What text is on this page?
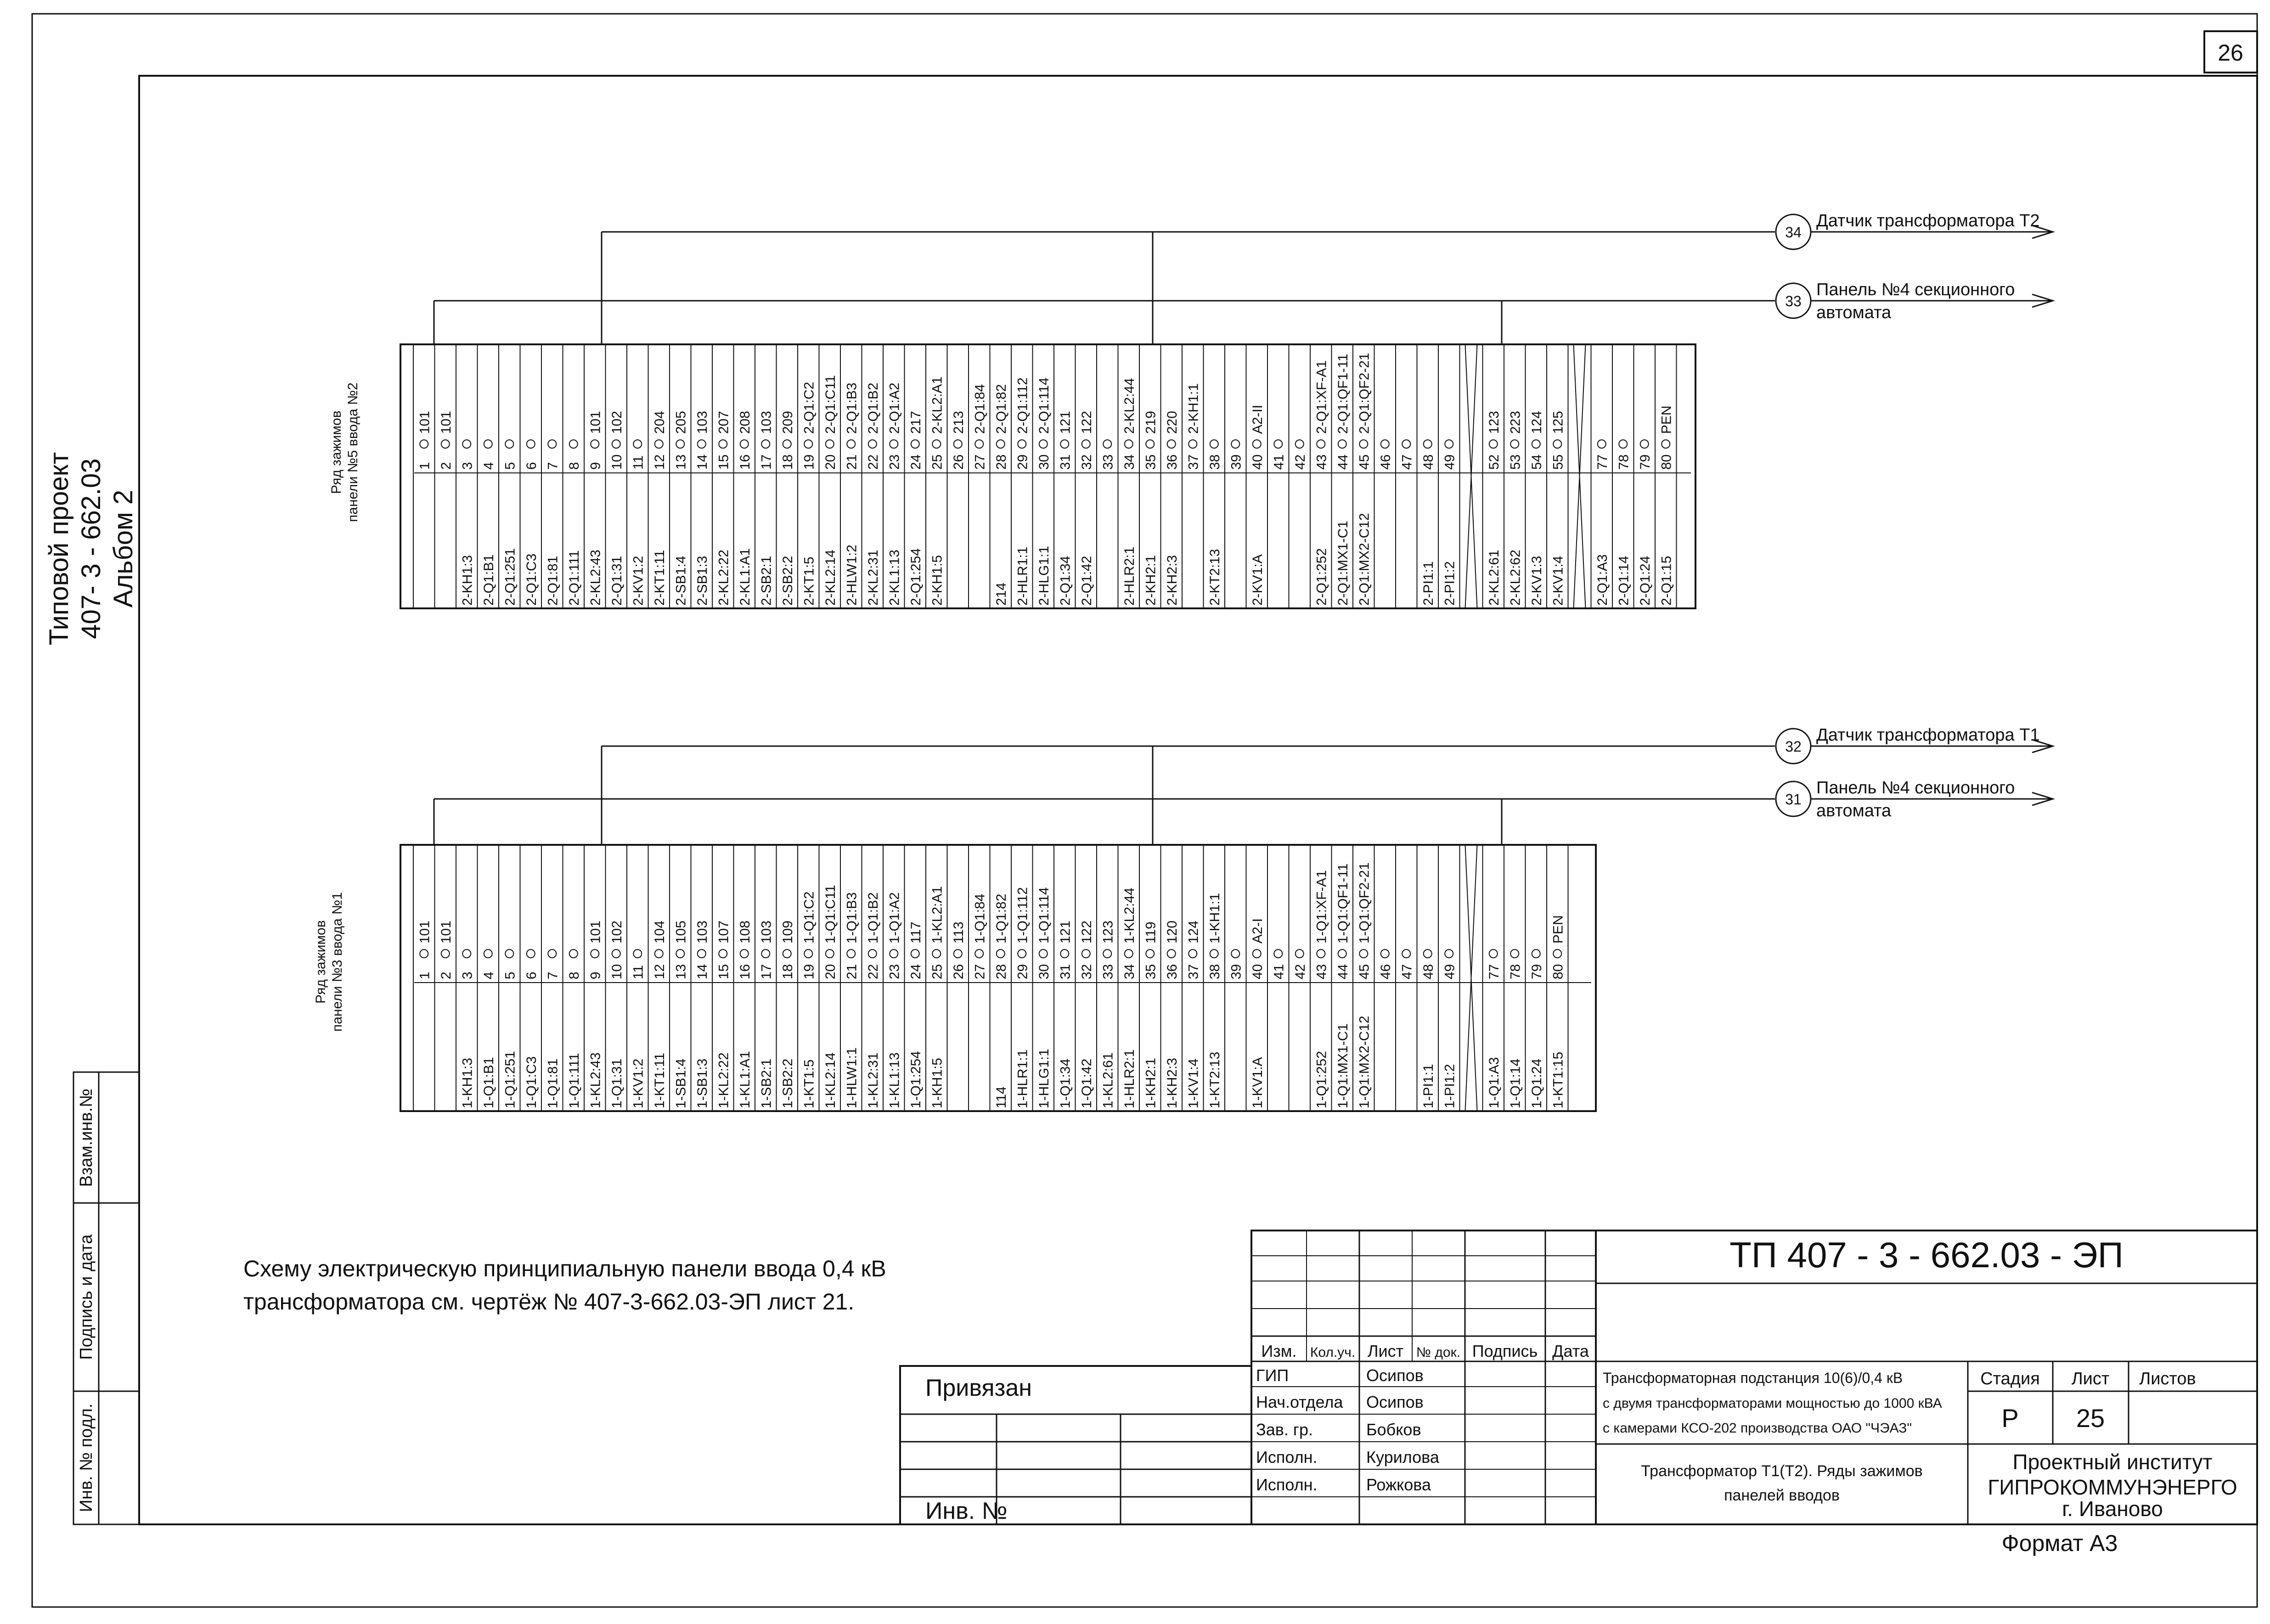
26
Типовой проект 407- 3 - 662.03 Альбом 2
Взам.инв.№
Подпись и дата
Инв. № подл.
Ряд зажимов панели №5 ввода №2
Ряд зажимов панели №3 ввода №1
1
101
2
101
3
2-KH1:3
4
2-Q1:B1
5
2-Q1:251
6
2-Q1:C3
7
2-Q1:81
8
2-Q1:111
9
101
2-KL2:43
10
102
2-Q1:31
11
2-KV1:2
12
204
2-KT1:11
13
205
2-SB1:4
14
103
2-SB1:3
15
207
2-KL2:22
16
208
2-KL1:A1
17
103
2-SB2:1
18
209
2-SB2:2
19
2-Q1:C2
2-KT1:5
20
2-Q1:C11
2-KL2:14
21
2-Q1:B3
2-HLW1:2
22
2-Q1:B2
2-KL2:31
23
2-Q1:A2
2-KL1:13
24
217
2-Q1:254
25
2-KL2:A1
2-KH1:5
26
213
27
2-Q1:84
28
2-Q1:82
214
29
2-Q1:112
2-HLR1:1
30
2-Q1:114
2-HLG1:1
31
121
2-Q1:34
32
122
2-Q1:42
33 34
2-KL2:44
2-HLR2:1
35
219
2-KH2:1
36
220
2-KH2:3
37
2-KH1:1
38
2-KT2:13
39 40
A2-II
2-KV1:A
41 42 43
2-Q1:XF-A1
2-Q1:252
44
2-Q1:QF1-11
2-Q1:MX1-C1
45
2-Q1:QF2-21
2-Q1:MX2-C12
46 47 48
2-PI1:1
49
2-PI1:2
52
123
2-KL2:61
53
223
2-KL2:62
54
124
2-KV1:3
55
125
2-KV1:4
77
2-Q1:A3
78
2-Q1:14
79
2-Q1:24
80
PEN
2-Q1:15
1
101
2
101
3
1-KH1:3
4
1-Q1:B1
5
1-Q1:251
6
1-Q1:C3
7
1-Q1:81
8
1-Q1:111
9
101
1-KL2:43
10
102
1-Q1:31
11
1-KV1:2
12
104
1-KT1:11
13
105
1-SB1:4
14
103
1-SB1:3
15
107
1-KL2:22
16
108
1-KL1:A1
17
103
1-SB2:1
18
109
1-SB2:2
19
1-Q1:C2
1-KT1:5
20
1-Q1:C11
1-KL2:14
21
1-Q1:B3
1-HLW1:1
22
1-Q1:B2
1-KL2:31
23
1-Q1:A2
1-KL1:13
24
117
1-Q1:254
25
1-KL2:A1
1-KH1:5
26
113
27
1-Q1:84
28
1-Q1:82
114
29
1-Q1:112
1-HLR1:1
30
1-Q1:114
1-HLG1:1
31
121
1-Q1:34
32
122
1-Q1:42
33
123
1-KL2:61
34
1-KL2:44
1-HLR2:1
35
119
1-KH2:1
36
120
1-KH2:3
37
124
1-KV1:4
38
1-KH1:1
1-KT2:13
39 40
A2-I
1-KV1:A
41 42 43
1-Q1:XF-A1
1-Q1:252
44
1-Q1:QF1-11
1-Q1:MX1-C1
45
1-Q1:QF2-21
1-Q1:MX2-C12
46 47 48
1-PI1:1
49
1-PI1:2
77
1-Q1:A3
78
1-Q1:14
79
1-Q1:24
80
PEN
1-KT1:15
34
Датчик трансформатора Т2
33
Панель №4 секционного
автомата
32
Датчик трансформатора Т1
31
Панель №4 секционного
автомата
Схему электрическую принципиальную панели ввода 0,4 кВ
трансформатора см. чертёж № 407-3-662.03-ЭП лист 21.
Привязан
Инв. №
Изм. Кол.уч. Лист № док. Подпись Дата
ГИП
Нач.отдела
Зав. гр.
Исполн.
Исполн.
Осипов
Осипов
Бобков
Курилова
Рожкова
ТП 407 - 3 - 662.03 - ЭП
Трансформаторная подстанция 10(6)/0,4 кВ
с двумя трансформаторами мощностью до 1000 кВА
с камерами КСО-202 производства ОАО "ЧЭАЗ"
Трансформатор Т1(Т2). Ряды зажимов
панелей вводов
Стадия Лист Листов
Р 25
Проектный институт
ГИПРОКОММУНЭНЕРГО
г. Иваново
Формат А3
